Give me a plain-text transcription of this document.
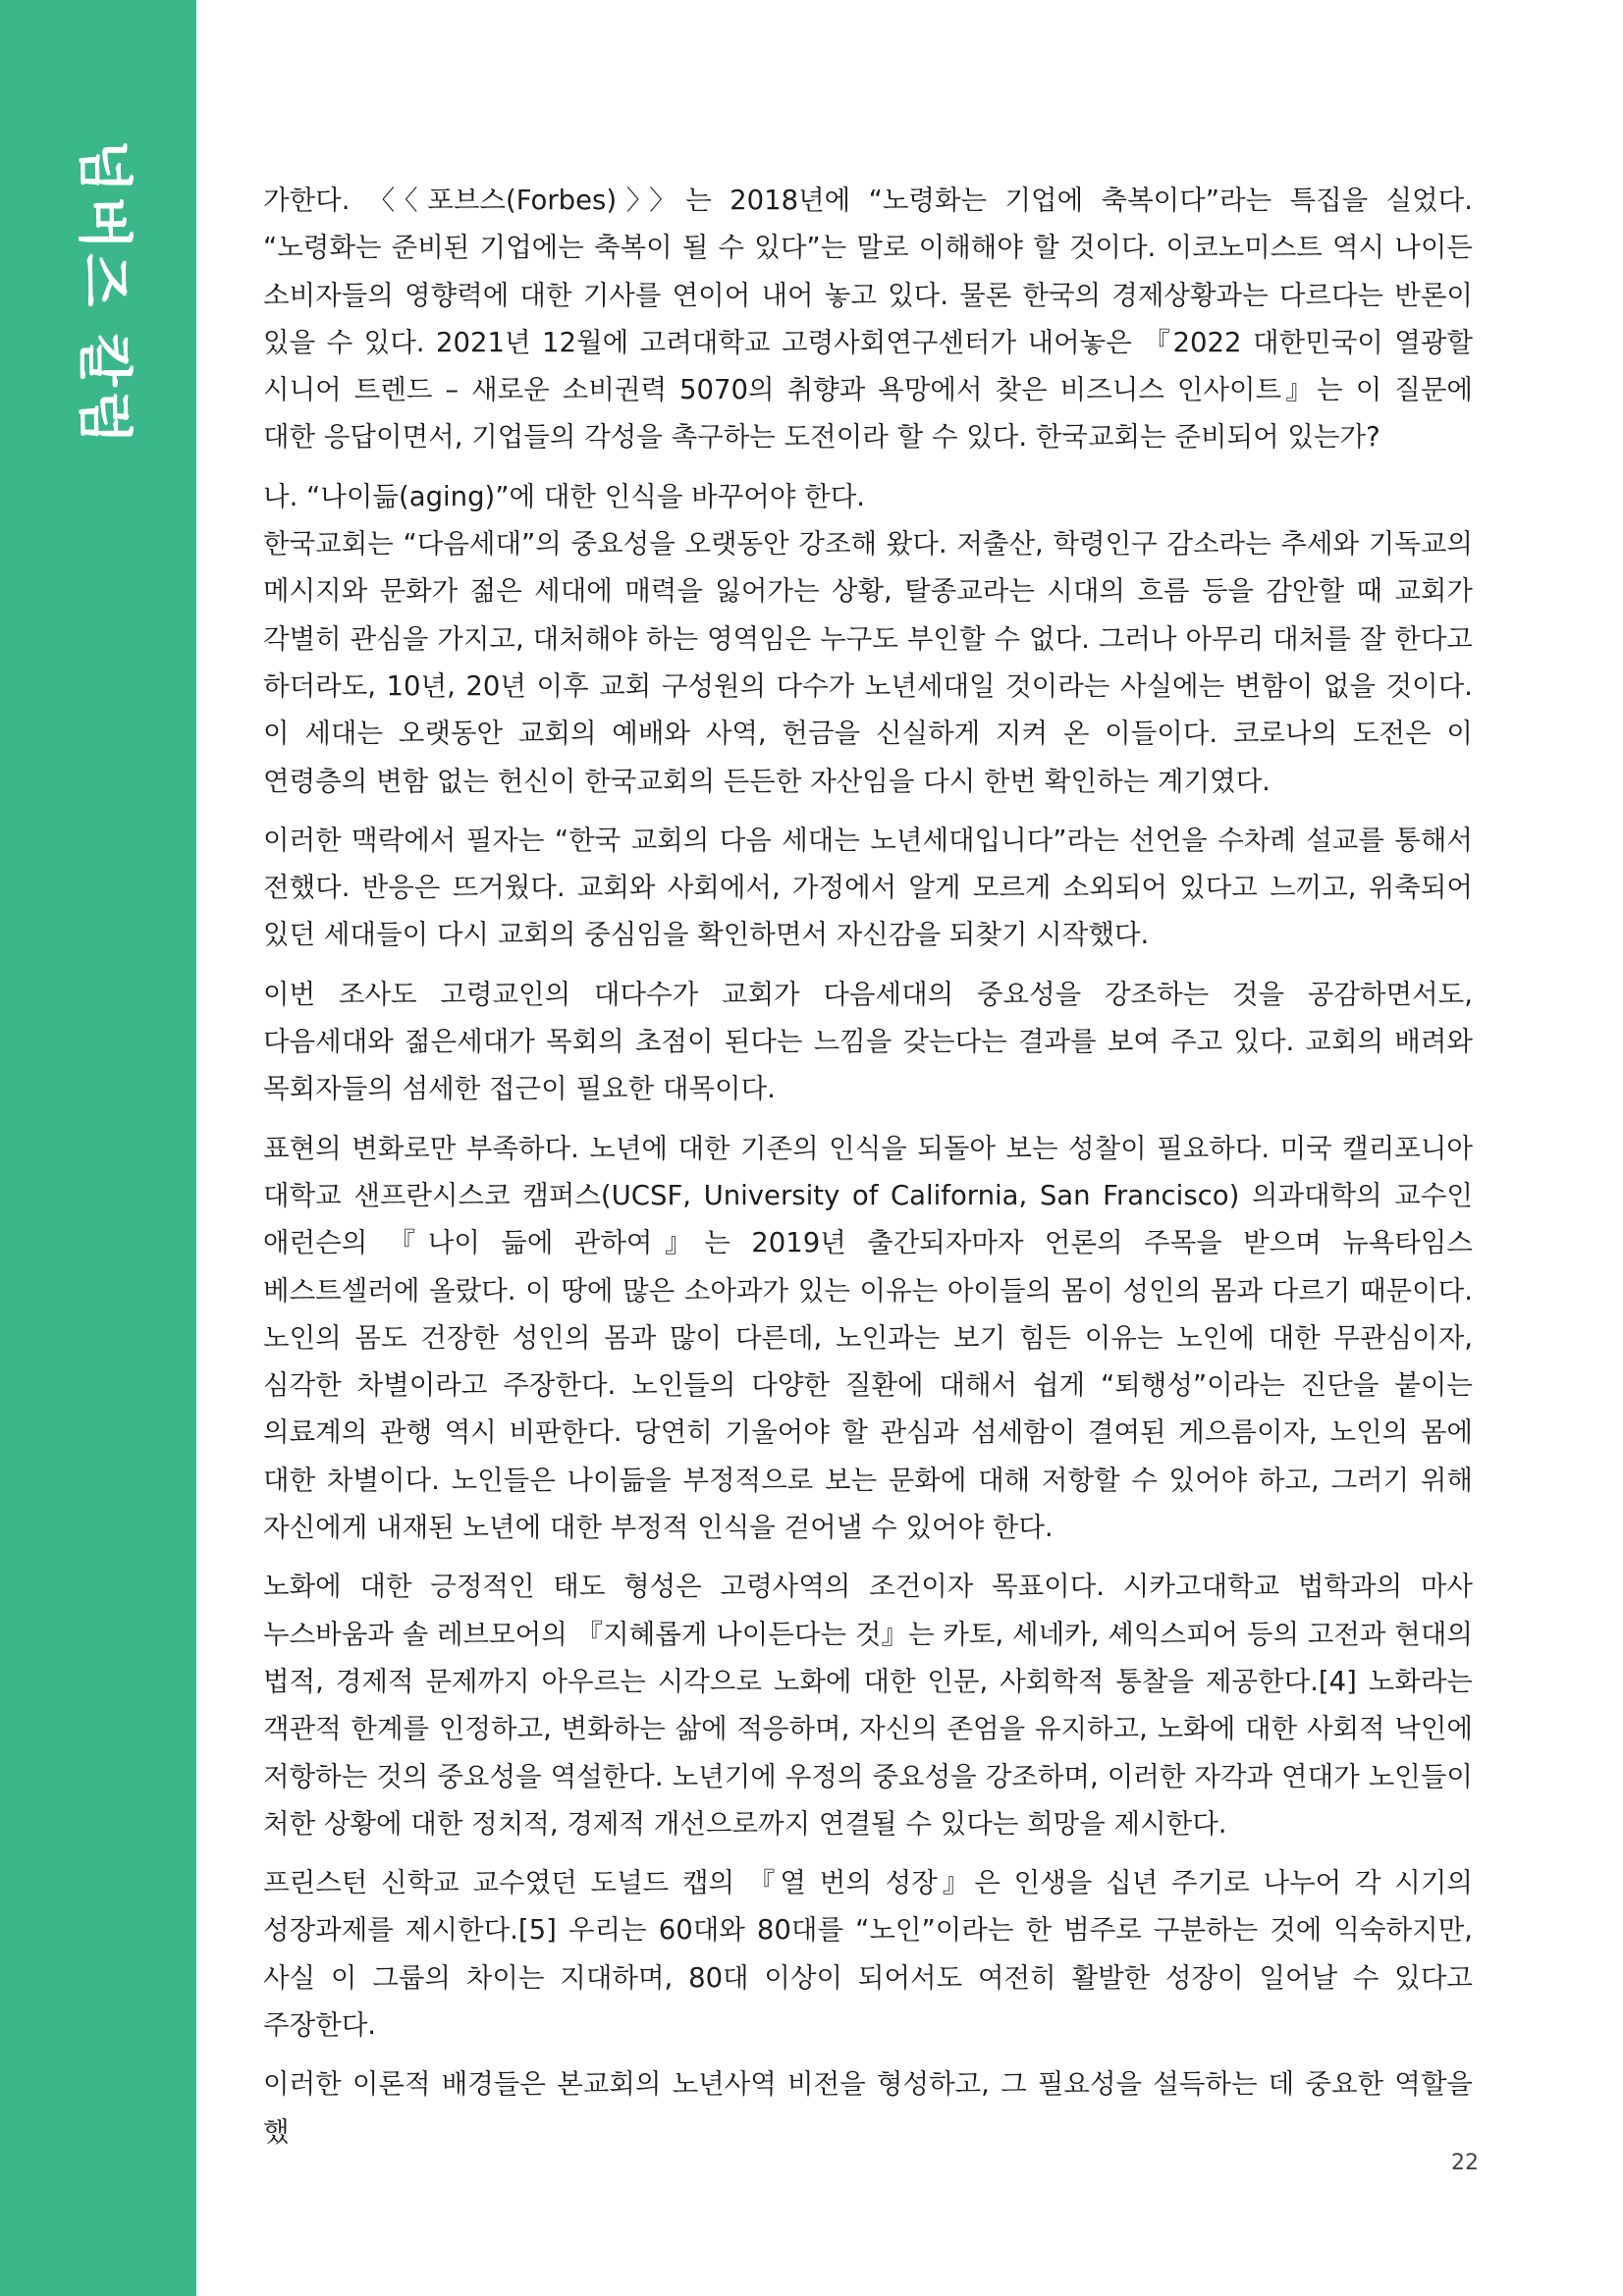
넘버즈 칼럼	가한다. 〈〈포브스(Forbes)〉〉는 2018년에 “노령화는 기업에 축복이다”라는 특집을 실었다. “노령화는 준비된 기업에는 축복이 될 수 있다”는 말로 이해해야 할 것이다. 이코노미스트 역시 나이든 소비자들의 영향력에 대한 기사를 연이어 내어 놓고 있다. 물론 한국의 경제상황과는 다르다는 반론이 있을 수 있다. 2021년 12월에 고려대학교 고령사회연구센터가 내어놓은 『2022 대한민국이 열광할 시니어 트렌드 – 새로운 소비권력 5070의 취향과 욕망에서 찾은 비즈니스 인사이트』는 이 질문에 대한 응답이면서, 기업들의 각성을 촉구하는 도전이라 할 수 있다. 한국교회는 준비되어 있는가?

나. “나이듦(aging)”에 대한 인식을 바꾸어야 한다.

한국교회는 “다음세대”의 중요성을 오랫동안 강조해 왔다. 저출산, 학령인구 감소라는 추세와 기독교의 메시지와 문화가 젊은 세대에 매력을 잃어가는 상황, 탈종교라는 시대의 흐름 등을 감안할 때 교회가 각별히 관심을 가지고, 대처해야 하는 영역임은 누구도 부인할 수 없다. 그러나 아무리 대처를 잘 한다고 하더라도, 10년, 20년 이후 교회 구성원의 다수가 노년세대일 것이라는 사실에는 변함이 없을 것이다. 이 세대는 오랫동안 교회의 예배와 사역, 헌금을 신실하게 지켜 온 이들이다. 코로나의 도전은 이 연령층의 변함 없는 헌신이 한국교회의 든든한 자산임을 다시 한번 확인하는 계기였다.

이러한 맥락에서 필자는 “한국 교회의 다음 세대는 노년세대입니다”라는 선언을 수차례 설교를 통해서 전했다. 반응은 뜨거웠다. 교회와 사회에서, 가정에서 알게 모르게 소외되어 있다고 느끼고, 위축되어 있던 세대들이 다시 교회의 중심임을 확인하면서 자신감을 되찾기 시작했다.

이번 조사도 고령교인의 대다수가 교회가 다음세대의 중요성을 강조하는 것을 공감하면서도, 다음세대와 젊은세대가 목회의 초점이 된다는 느낌을 갖는다는 결과를 보여 주고 있다. 교회의 배려와 목회자들의 섬세한 접근이 필요한 대목이다.

표현의 변화로만 부족하다. 노년에 대한 기존의 인식을 되돌아 보는 성찰이 필요하다. 미국 캘리포니아 대학교 샌프란시스코 캠퍼스(UCSF, University of California, San Francisco) 의과대학의 교수인 애런슨의 『나이 듦에 관하여』는 2019년 출간되자마자 언론의 주목을 받으며 뉴욕타임스 베스트셀러에 올랐다. 이 땅에 많은 소아과가 있는 이유는 아이들의 몸이 성인의 몸과 다르기 때문이다. 노인의 몸도 건장한 성인의 몸과 많이 다른데, 노인과는 보기 힘든 이유는 노인에 대한 무관심이자, 심각한 차별이라고 주장한다. 노인들의 다양한 질환에 대해서 쉽게 “퇴행성”이라는 진단을 붙이는 의료계의 관행 역시 비판한다. 당연히 기울어야 할 관심과 섬세함이 결여된 게으름이자, 노인의 몸에 대한 차별이다. 노인들은 나이듦을 부정적으로 보는 문화에 대해 저항할 수 있어야 하고, 그러기 위해 자신에게 내재된 노년에 대한 부정적 인식을 걷어낼 수 있어야 한다.

노화에 대한 긍정적인 태도 형성은 고령사역의 조건이자 목표이다. 시카고대학교 법학과의 마사 누스바움과 솔 레브모어의 『지혜롭게 나이든다는 것』는 카토, 세네카, 셰익스피어 등의 고전과 현대의 법적, 경제적 문제까지 아우르는 시각으로 노화에 대한 인문, 사회학적 통찰을 제공한다.[4] 노화라는 객관적 한계를 인정하고, 변화하는 삶에 적응하며, 자신의 존엄을 유지하고, 노화에 대한 사회적 낙인에 저항하는 것의 중요성을 역설한다. 노년기에 우정의 중요성을 강조하며, 이러한 자각과 연대가 노인들이 처한 상황에 대한 정치적, 경제적 개선으로까지 연결될 수 있다는 희망을 제시한다.

프린스턴 신학교 교수였던 도널드 캡의 『열 번의 성장』은 인생을 십년 주기로 나누어 각 시기의 성장과제를 제시한다.[5] 우리는 60대와 80대를 “노인”이라는 한 범주로 구분하는 것에 익숙하지만, 사실 이 그룹의 차이는 지대하며, 80대 이상이 되어서도 여전히 활발한 성장이 일어날 수 있다고 주장한다.

이러한 이론적 배경들은 본교회의 노년사역 비전을 형성하고, 그 필요성을 설득하는 데 중요한 역할을 했

22
